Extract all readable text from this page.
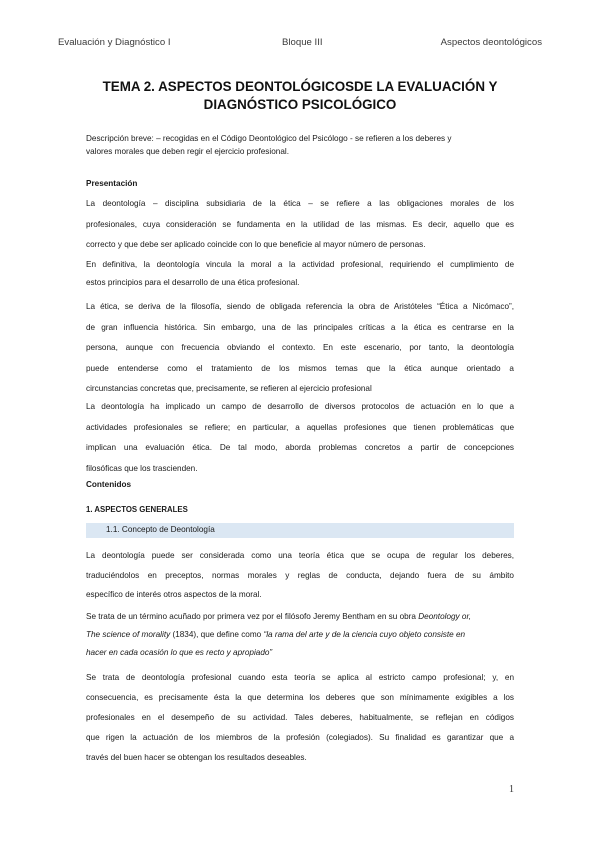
Evaluación y Diagnóstico I	Bloque III	Aspectos deontológicos
TEMA 2. ASPECTOS DEONTOLÓGICOSDE LA EVALUACIÓN Y
DIAGNÓSTICO PSICOLÓGICO
Descripción breve: – recogidas en el Código Deontológico del Psicólogo - se refieren a los deberes y
valores morales que deben regir el ejercicio profesional.
Presentación
La deontología – disciplina subsidiaria de la ética – se refiere a las obligaciones morales de los
profesionales, cuya consideración se fundamenta en la utilidad de las mismas. Es decir, aquello que es
correcto y que debe ser aplicado coincide con lo que beneficie al mayor número de personas.
En definitiva, la deontología vincula la moral a la actividad profesional, requiriendo el cumplimiento de
estos principios para el desarrollo de una ética profesional.
La ética, se deriva de la filosofía, siendo de obligada referencia la obra de Aristóteles “Ética a Nicómaco”,
de gran influencia histórica. Sin embargo, una de las principales críticas a la ética es centrarse en la
persona, aunque con frecuencia obviando el contexto. En este escenario, por tanto, la deontología
puede entenderse como el tratamiento de los mismos temas que la ética aunque orientado a
circunstancias concretas que, precisamente, se refieren al ejercicio profesional
La deontología ha implicado un campo de desarrollo de diversos protocolos de actuación en lo que a
actividades profesionales se refiere; en particular, a aquellas profesiones que tienen problemáticas que
implican una evaluación ética. De tal modo, aborda problemas concretos a partir de concepciones
filosóficas que los trascienden.
Contenidos
1. ASPECTOS GENERALES
1.1. Concepto de Deontología
La deontología puede ser considerada como una teoría ética que se ocupa de regular los deberes,
traduciéndolos en preceptos, normas morales y reglas de conducta, dejando fuera de su ámbito
específico de interés otros aspectos de la moral.
Se trata de un término acuñado por primera vez por el filósofo Jeremy Bentham en su obra Deontology or,
The science of morality (1834), que define como “la rama del arte y de la ciencia cuyo objeto consiste en
hacer en cada ocasión lo que es recto y apropiado”
Se trata de deontología profesional cuando esta teoría se aplica al estricto campo profesional; y, en
consecuencia, es precisamente ésta la que determina los deberes que son mínimamente exigibles a los
profesionales en el desempeño de su actividad. Tales deberes, habitualmente, se reflejan en códigos
que rigen la actuación de los miembros de la profesión (colegiados). Su finalidad es garantizar que a
través del buen hacer se obtengan los resultados deseables.
1
